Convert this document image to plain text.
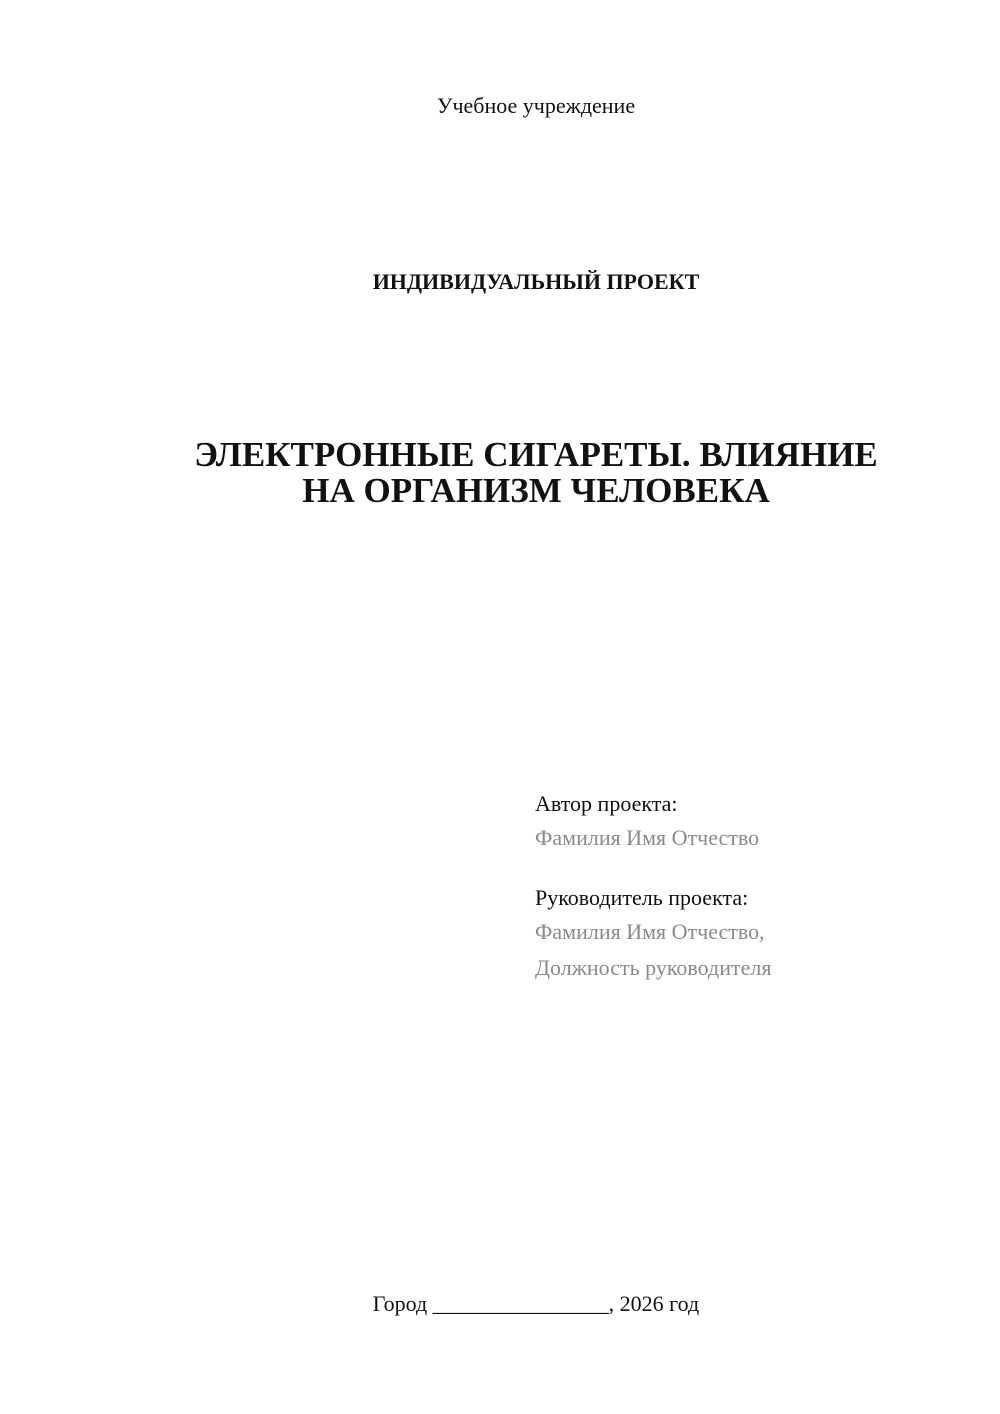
Учебное учреждение
ИНДИВИДУАЛЬНЫЙ ПРОЕКТ
ЭЛЕКТРОННЫЕ СИГАРЕТЫ. ВЛИЯНИЕ
НА ОРГАНИЗМ ЧЕЛОВЕКА
Автор проекта:
Фамилия Имя Отчество
Руководитель проекта:
Фамилия Имя Отчество,
Должность руководителя
Город ________________, 2026 год
